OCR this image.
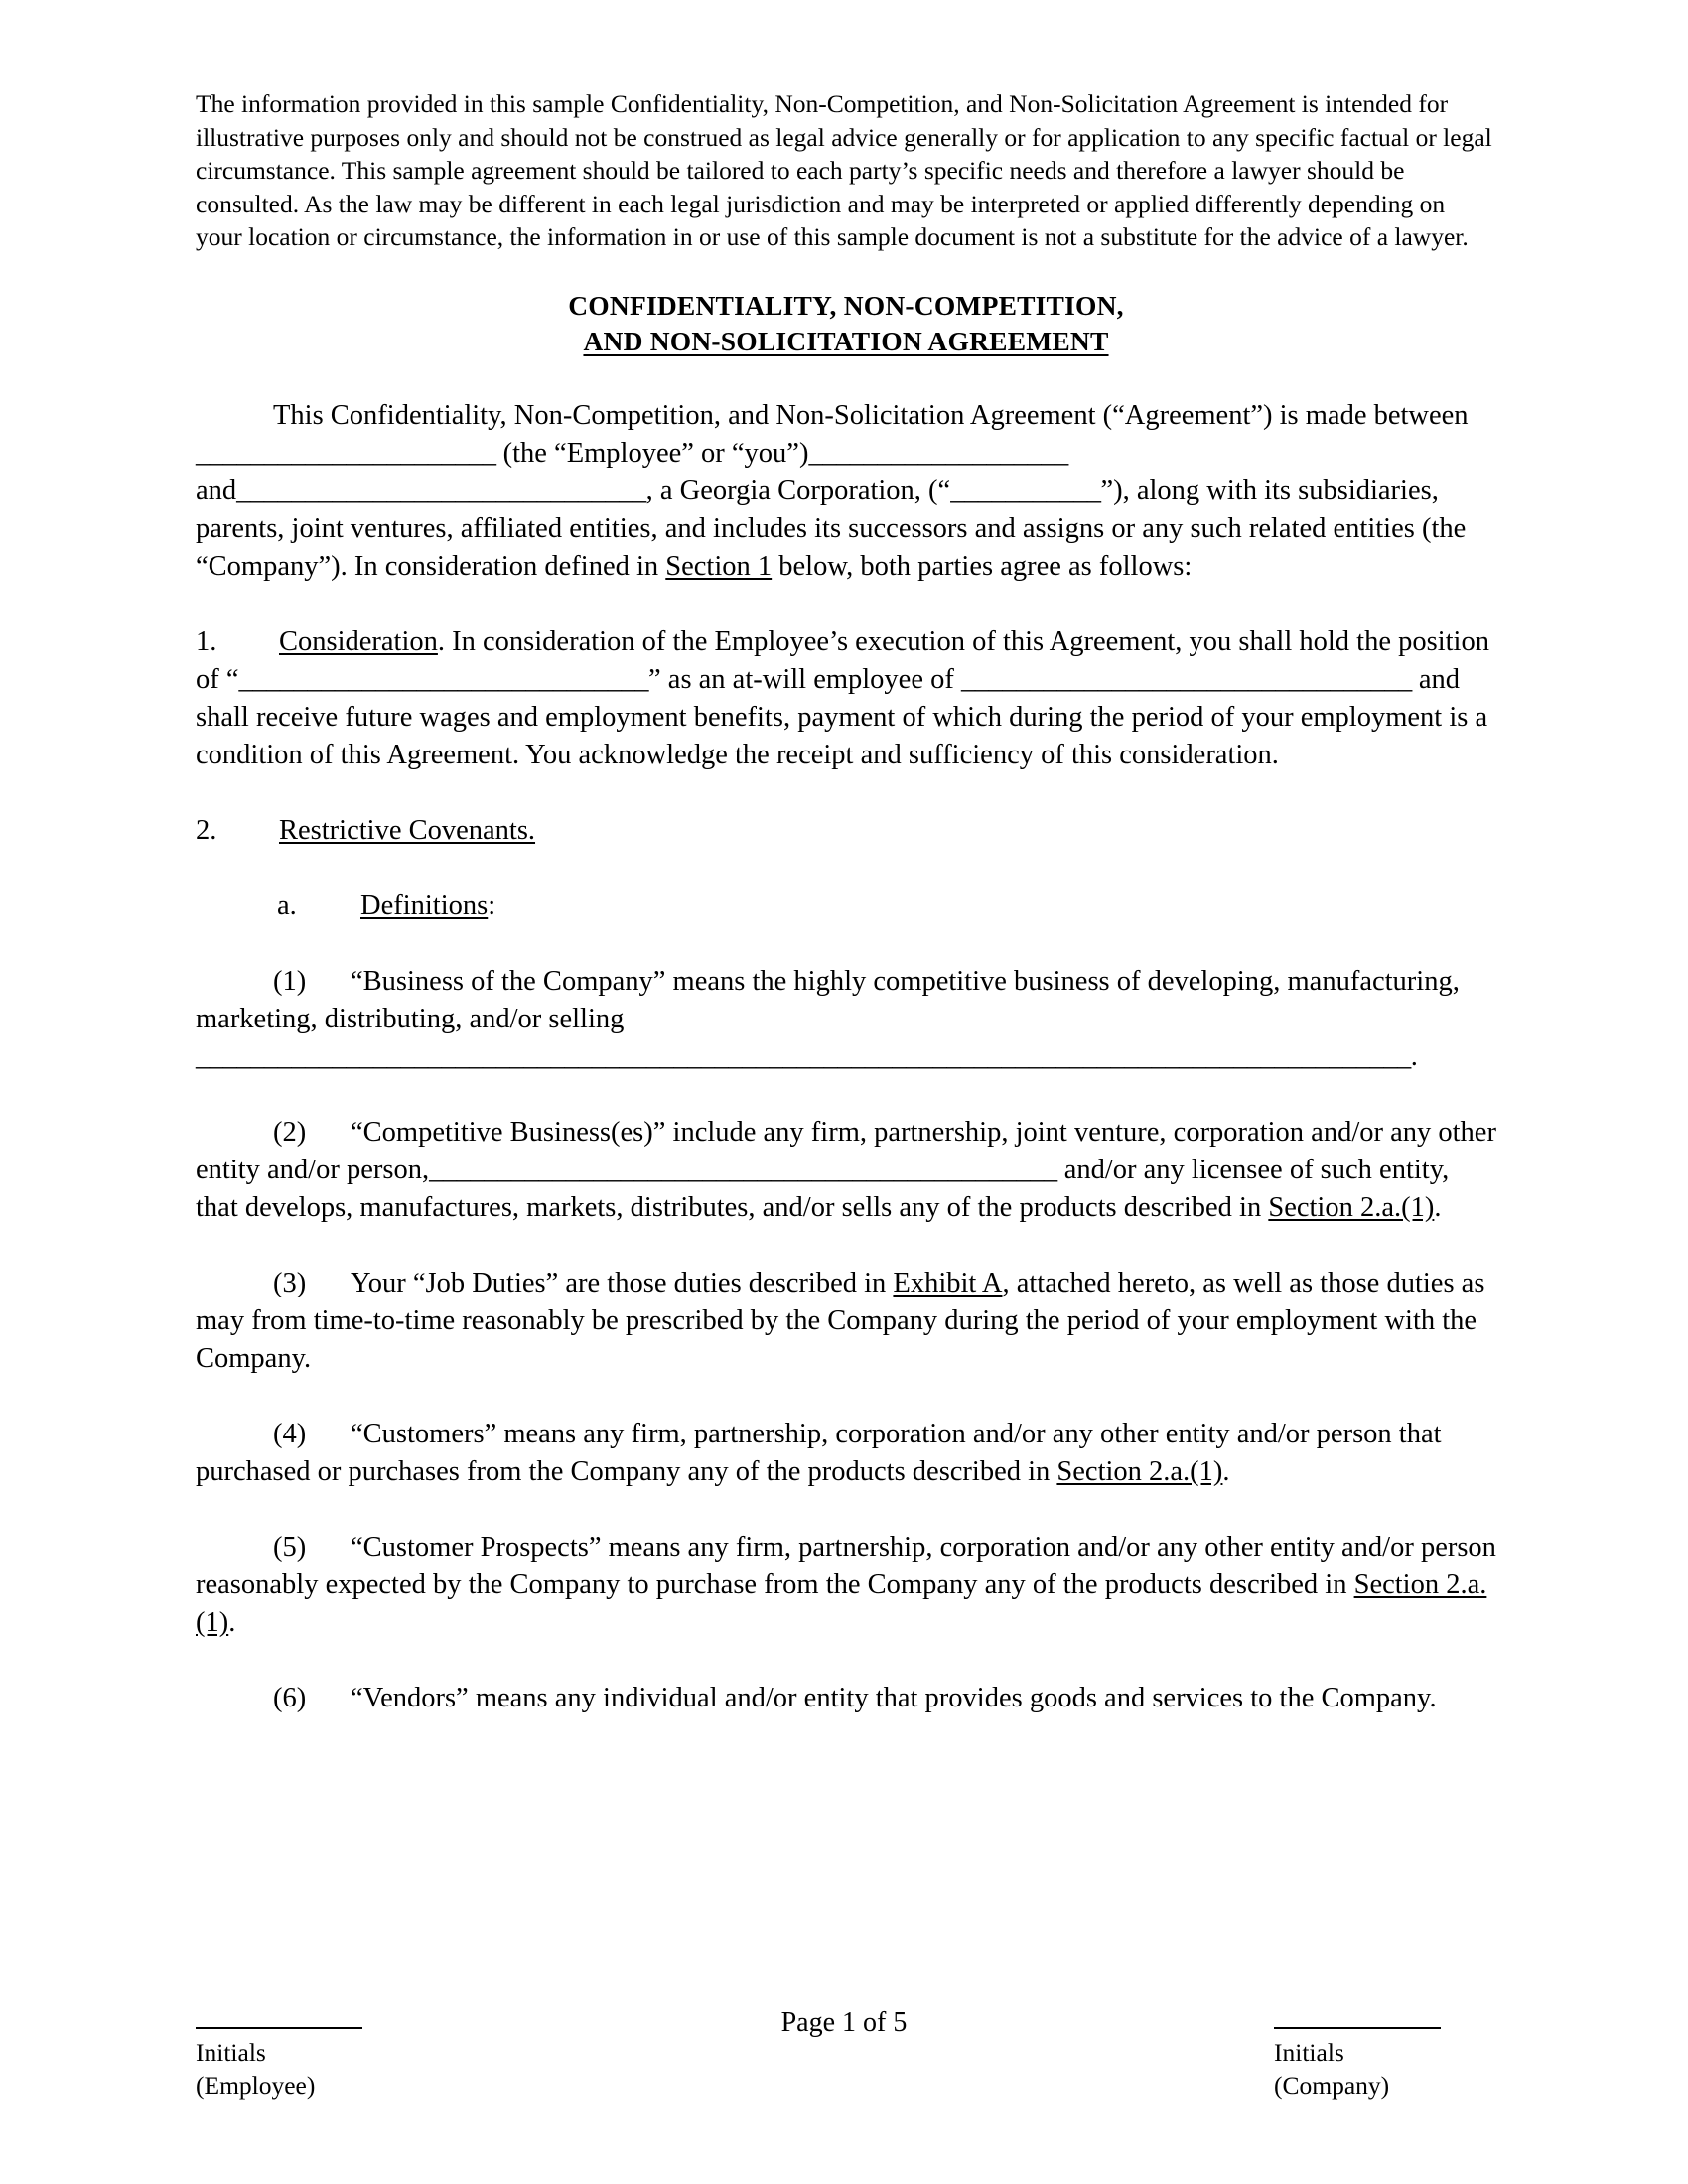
The information provided in this sample Confidentiality, Non-Competition, and Non-Solicitation Agreement is intended for illustrative purposes only and should not be construed as legal advice generally or for application to any specific factual or legal circumstance. This sample agreement should be tailored to each party’s specific needs and therefore a lawyer should be consulted. As the law may be different in each legal jurisdiction and may be interpreted or applied differently depending on your location or circumstance, the information in or use of this sample document is not a substitute for the advice of a lawyer.

CONFIDENTIALITY, NON-COMPETITION,
AND NON-SOLICITATION AGREEMENT

This Confidentiality, Non-Competition, and Non-Solicitation Agreement (“Agreement”) is made between ______________________ (the “Employee” or “you”)___________________ and______________________________, a Georgia Corporation, (“___________”), along with its subsidiaries, parents, joint ventures, affiliated entities, and includes its successors and assigns or any such related entities (the “Company”). In consideration defined in Section 1 below, both parties agree as follows:

1. Consideration. In consideration of the Employee’s execution of this Agreement, you shall hold the position of “______________________________” as an at-will employee of _________________________________ and shall receive future wages and employment benefits, payment of which during the period of your employment is a condition of this Agreement. You acknowledge the receipt and sufficiency of this consideration.

2. Restrictive Covenants.

a. Definitions:

(1) “Business of the Company” means the highly competitive business of developing, manufacturing, marketing, distributing, and/or selling _________________________________________________________________________________________.

(2) “Competitive Business(es)” include any firm, partnership, joint venture, corporation and/or any other entity and/or person,______________________________________________ and/or any licensee of such entity, that develops, manufactures, markets, distributes, and/or sells any of the products described in Section 2.a.(1).

(3) Your “Job Duties” are those duties described in Exhibit A, attached hereto, as well as those duties as may from time-to-time reasonably be prescribed by the Company during the period of your employment with the Company.

(4) “Customers” means any firm, partnership, corporation and/or any other entity and/or person that purchased or purchases from the Company any of the products described in Section 2.a.(1).

(5) “Customer Prospects” means any firm, partnership, corporation and/or any other entity and/or person reasonably expected by the Company to purchase from the Company any of the products described in Section 2.a.(1).

(6) “Vendors” means any individual and/or entity that provides goods and services to the Company.

Page 1 of 5
Initials
(Employee)
Initials
(Company)
